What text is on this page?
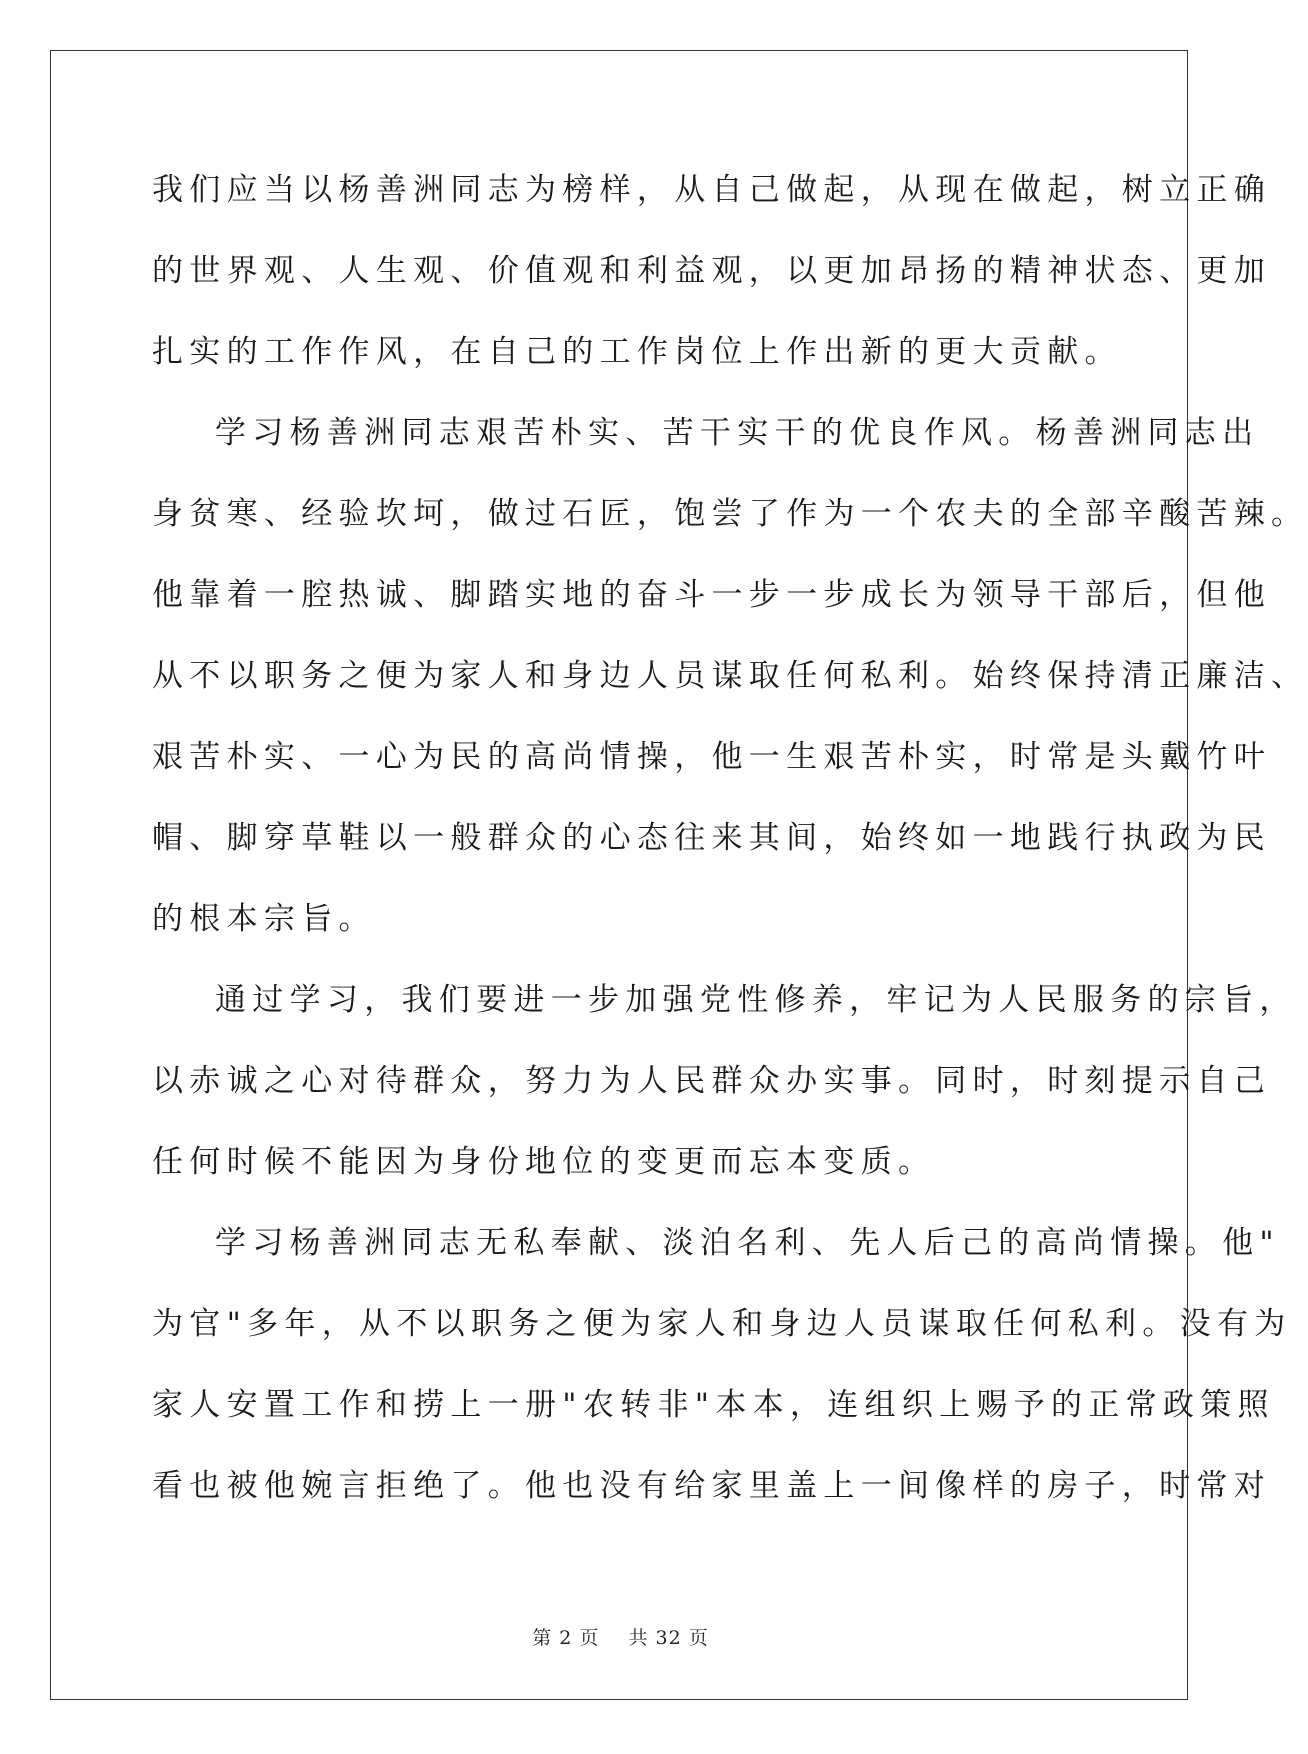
我们应当以杨善洲同志为榜样，从自己做起，从现在做起，树立正确
的世界观、人生观、价值观和利益观，以更加昂扬的精神状态、更加
扎实的工作作风，在自己的工作岗位上作出新的更大贡献。
学习杨善洲同志艰苦朴实、苦干实干的优良作风。杨善洲同志出
身贫寒、经验坎坷，做过石匠，饱尝了作为一个农夫的全部辛酸苦辣。
他靠着一腔热诚、脚踏实地的奋斗一步一步成长为领导干部后，但他
从不以职务之便为家人和身边人员谋取任何私利。始终保持清正廉洁、
艰苦朴实、一心为民的高尚情操，他一生艰苦朴实，时常是头戴竹叶
帽、脚穿草鞋以一般群众的心态往来其间，始终如一地践行执政为民
的根本宗旨。
通过学习，我们要进一步加强党性修养，牢记为人民服务的宗旨，
以赤诚之心对待群众，努力为人民群众办实事。同时，时刻提示自己
任何时候不能因为身份地位的变更而忘本变质。
学习杨善洲同志无私奉献、淡泊名利、先人后己的高尚情操。他"
为官"多年，从不以职务之便为家人和身边人员谋取任何私利。没有为
家人安置工作和捞上一册"农转非"本本，连组织上赐予的正常政策照
看也被他婉言拒绝了。他也没有给家里盖上一间像样的房子，时常对
第 2 页 共 32 页
